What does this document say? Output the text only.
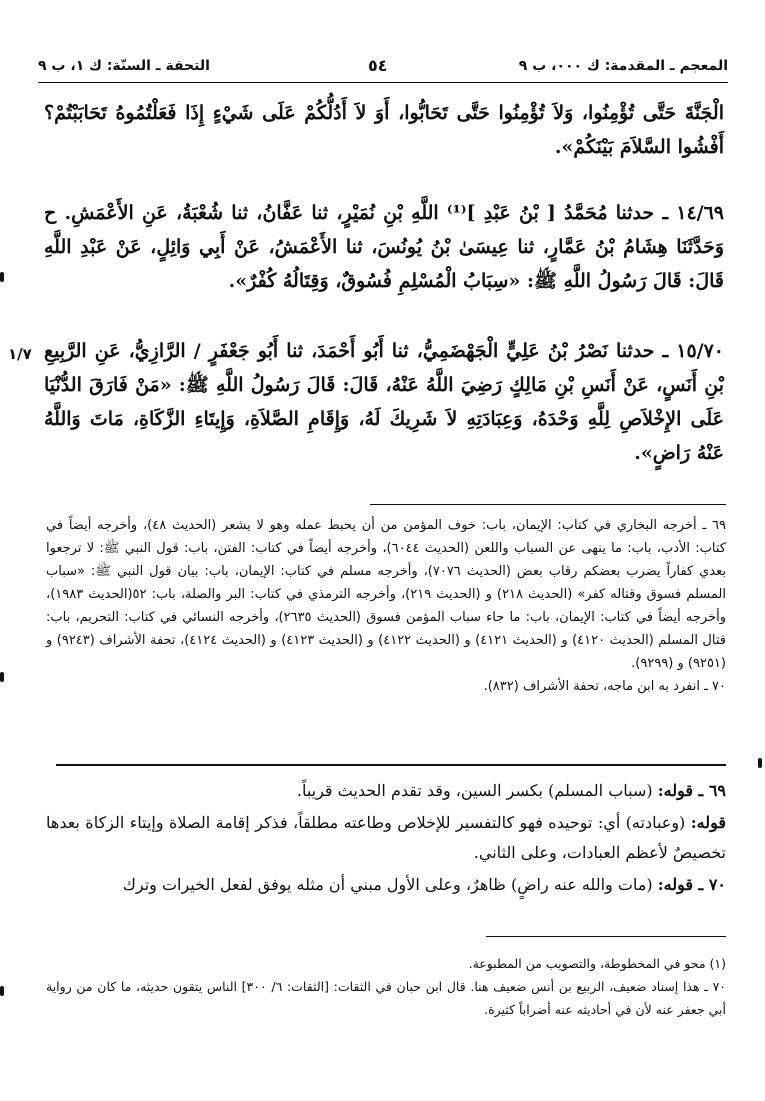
المعجم ـ المقدمة: ك ٠٠٠، ب ٩
٥٤
التحفة ـ السنّة: ك ١، ب ٩
١/٧

الْجَنَّةَ حَتَّى تُؤْمِنُوا، وَلاَ تُؤْمِنُوا حَتَّى تَحَابُّوا، أَوَ لاَ أَدُلُّكُمْ عَلَى شَيْءٍ إِذَا فَعَلْتُمُوهُ تَحَابَبْتُمْ؟ أَفْشُوا السَّلاَمَ بَيْنَكُمْ».

١٤/٦٩ ـ حدثنا مُحَمَّدُ [ بْنُ عَبْدِ ]⁽¹⁾ اللَّهِ بْنِ نُمَيْرٍ، ثنا عَفَّانُ، ثنا شُعْبَةُ، عَنِ الأَعْمَشِ. ح وَحَدَّثَنَا هِشَامُ بْنُ عَمَّارٍ، ثنا عِيسَىٰ بْنُ يُونُسَ، ثنا الأَعْمَشُ، عَنْ أَبِي وَائِلٍ، عَنْ عَبْدِ اللَّهِ قَالَ: قَالَ رَسُولُ اللَّهِ ﷺ: «سِبَابُ الْمُسْلِمِ فُسُوقٌ، وَقِتَالُهُ كُفْرٌ».

١٥/٧٠ ـ حدثنا نَصْرُ بْنُ عَلِيٍّ الْجَهْضَمِيُّ، ثنا أَبُو أَحْمَدَ، ثنا أَبُو جَعْفَرٍ / الرَّازِيُّ، عَنِ الرَّبِيعِ بْنِ أَنَسٍ، عَنْ أَنَسِ بْنِ مَالِكٍ رَضِيَ اللَّهُ عَنْهُ، قَالَ: قَالَ رَسُولُ اللَّهِ ﷺ: «مَنْ فَارَقَ الدُّنْيَا عَلَى الإِخْلاَصِ لِلَّهِ وَحْدَهُ، وَعِبَادَتِهِ لاَ شَرِيكَ لَهُ، وَإِقَامِ الصَّلاَةِ، وَإِيتَاءِ الزَّكَاةِ، مَاتَ وَاللَّهُ عَنْهُ رَاضٍ».

٦٩ ـ أخرجه البخاري في كتاب: الإيمان، باب: خوف المؤمن من أن يحبط عمله وهو لا يشعر (الحديث ٤٨)، وأخرجه أيضاً في كتاب: الأدب، باب: ما ينهى عن السباب واللعن (الحديث ٦٠٤٤)، وأخرجه أيضاً في كتاب: الفتن، باب: قول النبي ﷺ: لا ترجعوا بعدي كفاراً يضرب بعضكم رقاب بعض (الحديث ٧٠٧٦)، وأخرجه مسلم في كتاب: الإيمان، باب: بيان قول النبي ﷺ: «سباب المسلم فسوق وقتاله كفر» (الحديث ٢١٨) و (الحديث ٢١٩)، وأخرجه الترمذي في كتاب: البر والصلة، باب: ٥٢(الحديث ١٩٨٣)، وأخرجه أيضاً في كتاب: الإيمان، باب: ما جاء سباب المؤمن فسوق (الحديث ٢٦٣٥)، وأخرجه النسائي في كتاب: التحريم، باب: قتال المسلم (الحديث ٤١٢٠) و (الحديث ٤١٢١) و (الحديث ٤١٢٢) و (الحديث ٤١٢٣) و (الحديث ٤١٢٤)، تحفة الأشراف (٩٢٤٣) و (٩٢٥١) و (٩٢٩٩).

٧٠ ـ انفرد به ابن ماجه، تحفة الأشراف (٨٣٢).

٦٩ ـ قوله: (سباب المسلم) بكسر السين، وقد تقدم الحديث قريباً.

قوله: (وعبادته) أي: توحيده فهو كالتفسير للإخلاص وطاعته مطلقاً، فذكر إقامة الصلاة وإيتاء الزكاة بعدها تخصيصٌ لأعظم العبادات، وعلى الثاني.

٧٠ ـ قوله: (مات والله عنه راضٍ) ظاهرٌ، وعلى الأول مبني أن مثله يوفق لفعل الخيرات وترك

(١) محو في المخطوطة، والتصويب من المطبوعة.

٧٠ ـ هذا إسناد ضعيف، الربيع بن أنس ضعيف هنا. قال ابن حبان في الثقات: [الثقات: ٦/ ٣٠٠] الناس يتقون حديثه، ما كان من رواية أبي جعفر عنه لأن في أحاديثه عنه أضراباً كثيرة.
